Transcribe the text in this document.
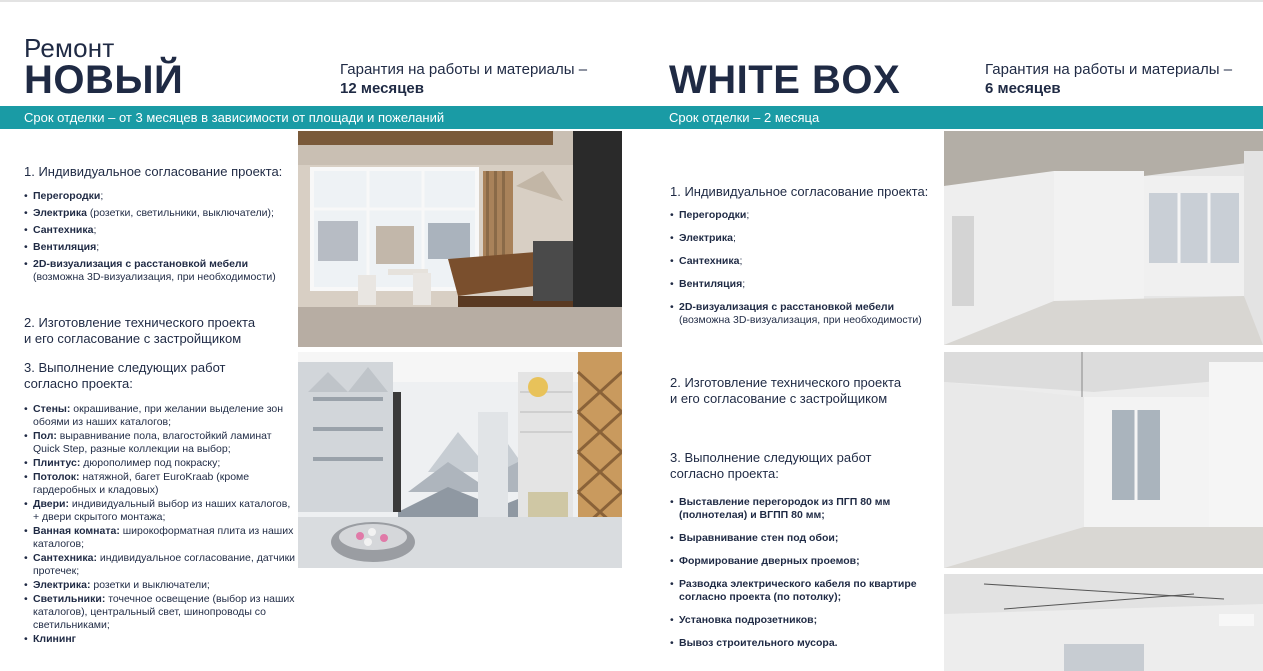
Ремонт
НОВЫЙ	Гарантия на работы и материалы –
12 месяцев	WHITE BOX	Гарантия на работы и материалы –
6 месяцев
Срок отделки – от 3 месяцев в зависимости от площади и пожеланий	Срок отделки – 2 месяца
1. Индивидуальное согласование проекта:
• Перегородки;
• Электрика (розетки, светильники, выключатели);
• Сантехника;
• Вентиляция;
• 2D-визуализация с расстановкой мебели
(возможна 3D-визуализация, при необходимости)
2. Изготовление технического проекта
и его согласование с застройщиком
3. Выполнение следующих работ
согласно проекта:
• Стены: окрашивание, при желании выделение зон обоями из наших каталогов;
• Пол: выравнивание пола, влагостойкий ламинат Quick Step, разные коллекции на выбор;
• Плинтус: дюрополимер под покраску;
• Потолок: натяжной, багет EuroKraab (кроме гардеробных и кладовых)
• Двери: индивидуальный выбор из наших каталогов, + двери скрытого монтажа;
• Ванная комната: широкоформатная плита из наших каталогов;
• Сантехника: индивидуальное согласование, датчики протечек;
• Электрика: розетки и выключатели;
• Светильники: точечное освещение (выбор из наших каталогов), центральный свет, шинопроводы со светильниками;
• Клининг
1. Индивидуальное согласование проекта:
• Перегородки;
• Электрика;
• Сантехника;
• Вентиляция;
• 2D-визуализация с расстановкой мебели
(возможна 3D-визуализация, при необходимости)
2. Изготовление технического проекта
и его согласование с застройщиком
3. Выполнение следующих работ
согласно проекта:
• Выставление перегородок из ПГП 80 мм (полнотелая) и ВГПП 80 мм;
• Выравнивание стен под обои;
• Формирование дверных проемов;
• Разводка электрического кабеля по квартире согласно проекта (по потолку);
• Установка подрозетников;
• Вывоз строительного мусора.
